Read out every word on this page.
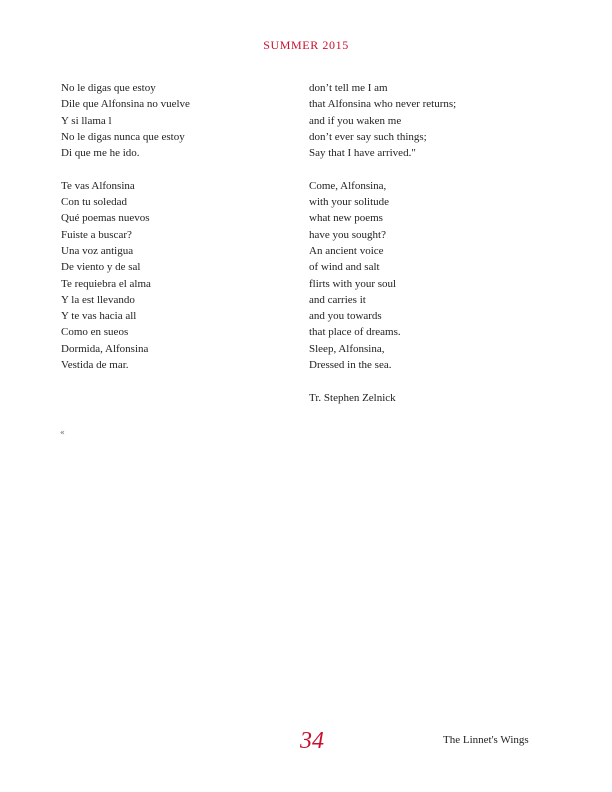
SUMMER 2015
No le digas que estoy
Dile que Alfonsina no vuelve
Y si llama l
No le digas nunca que estoy
Di que me he ido.
Te vas Alfonsina
Con tu soledad
Qué poemas nuevos
Fuiste a buscar?
Una voz antigua
De viento y de sal
Te requiebra el alma
Y la est llevando
Y te vas hacia all
Como en sueos
Dormida, Alfonsina
Vestida de mar.
don’t tell me I am
that Alfonsina who never returns;
and if you waken me
don’t ever say such things;
Say that I have arrived."
Come, Alfonsina,
with your solitude
what new poems
have you sought?
An ancient voice
of wind and salt
flirts with your soul
and carries it
and you towards
that place of dreams.
Sleep, Alfonsina,
Dressed in the sea.
Tr. Stephen Zelnick
«
34	The Linnet's Wings
